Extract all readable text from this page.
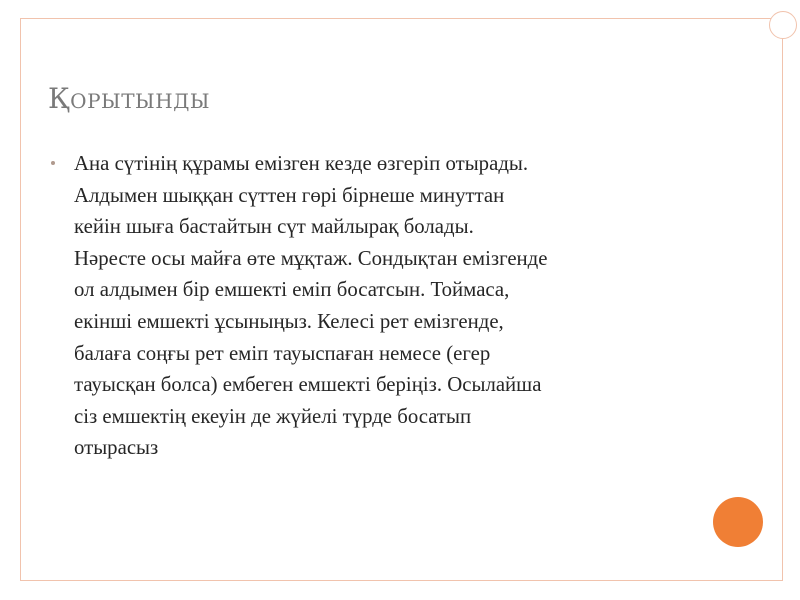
Қорытынды

Ана сүтінің құрамы емізген кезде өзгеріп отырады.
Алдымен шыққан сүттен гөрі бірнеше минуттан
кейін шыға бастайтын сүт майлырақ болады.
Нәресте осы майға өте мұқтаж. Сондықтан емізгенде
ол алдымен бір емшекті еміп босатсын. Тоймаса,
екінші емшекті ұсыныңыз. Келесі рет емізгенде,
балаға соңғы рет еміп тауыспаған немесе (егер
тауысқан болса) ембеген емшекті беріңіз. Осылайша
сіз емшектің екеуін де жүйелі түрде босатып
отырасыз
